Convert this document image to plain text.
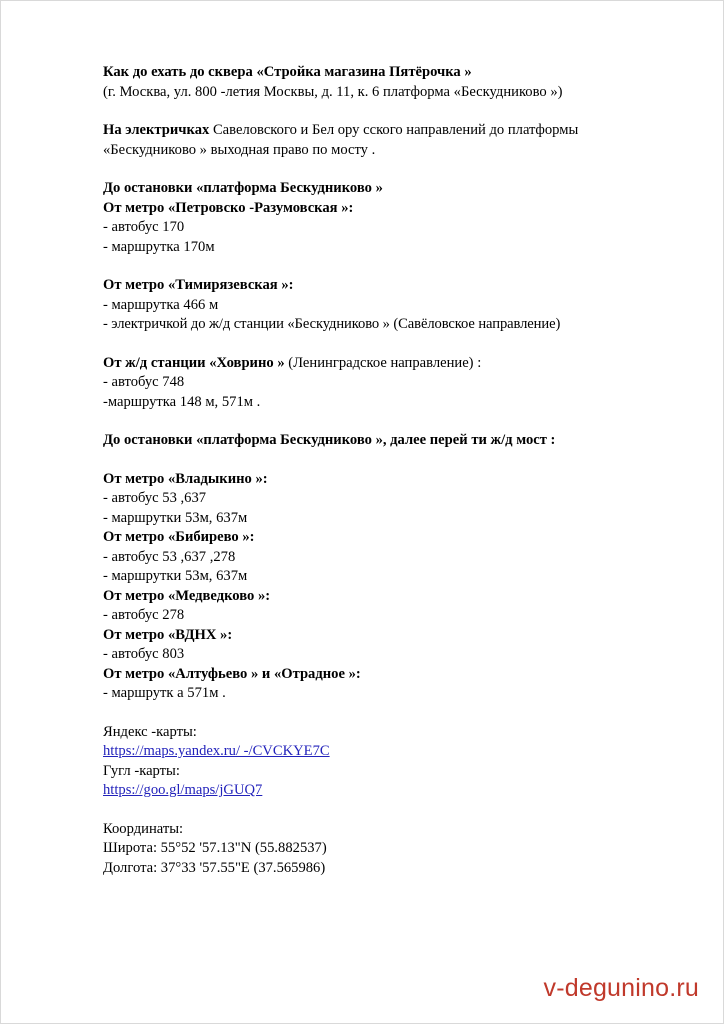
Как до ехать до сквера «Стройка магазина Пятёрочка »

(г. Москва, ул. 800 -летия Москвы, д. 11, к. 6 платформа «Бескудниково »)

На электричках Савеловского и Бел ору сского направлений до платформы

«Бескудниково » выходная право по мосту .

До остановки «платформа Бескудниково »

От метро «Петровско -Разумовская »:

- автобус 170

- маршрутка 170м

От метро «Тимирязевская »:

- маршрутка 466 м

- электричкой до ж/д станции «Бескудниково » (Савёловское направление)

От ж/д станции «Ховрино » (Ленинградское направление) :

- автобус 748

-маршрутка 148 м, 571м .

До остановки «платформа Бескудниково », далее перей ти ж/д мост :

От метро «Владыкино »:

- автобус 53 ,637

- маршрутки 53м, 637м

От метро «Бибирево »:

- автобус 53 ,637 ,278

- маршрутки 53м, 637м

От метро «Медведково »:

- автобус 278

От метро «ВДНХ »:

- автобус 803

От метро «Алтуфьево » и «Отрадное »:

- маршрутк а 571м .

Яндекс -карты:

https://maps.yandex.ru/ -/CVCKYE7C

Гугл -карты:

https://goo.gl/maps/jGUQ7

Координаты:

Широта: 55°52 '57.13"N (55.882537)

Долгота: 37°33 '57.55"E (37.565986)

v-degunino.ru
